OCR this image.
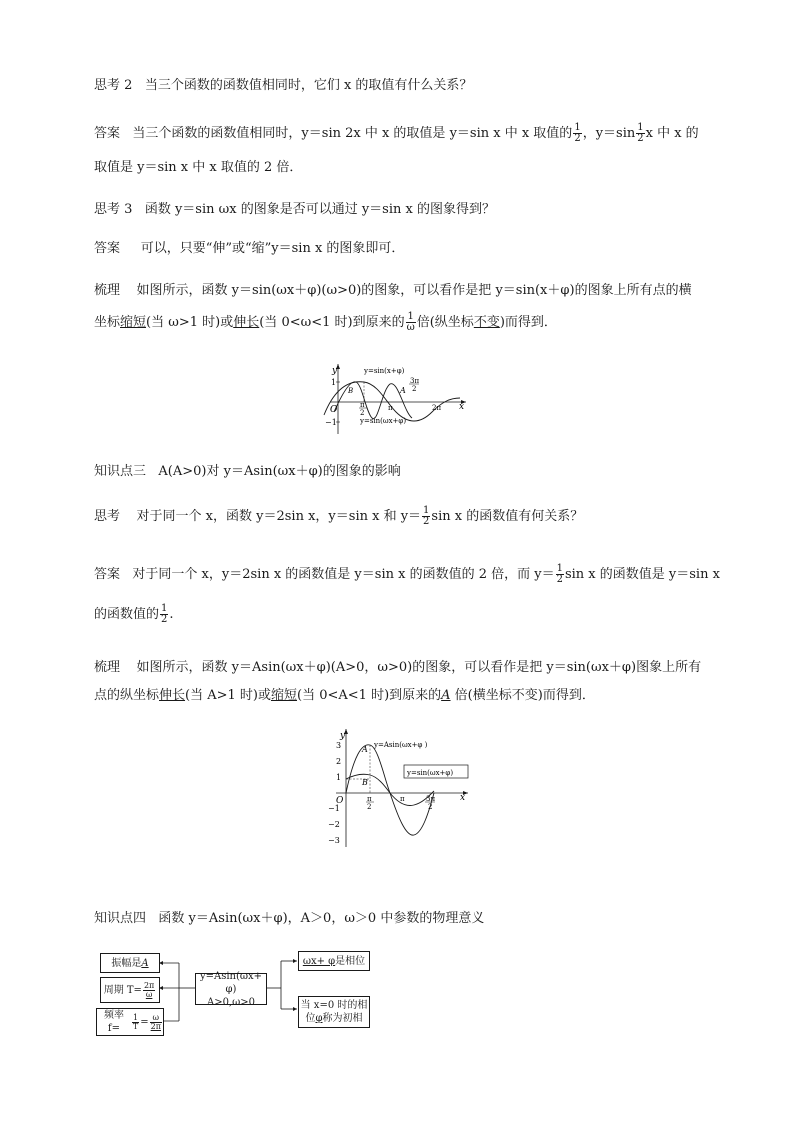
思考 2 当三个函数的函数值相同时，它们 x 的取值有什么关系？
答案 当三个函数的函数值相同时，y＝sin 2x 中 x 的取值是 y＝sin x 中 x 取值的 $\frac{1}{2}$ ，$y=\sin \frac{1}{2}$ x 中 x 的
取值是 y＝sin x 中 x 取值的 2 倍．
思考 3 函数 y＝sin ωx 的图象是否可以通过 y＝sin x 的图象得到？
答案 可以，只要“伸”或“缩”y＝sin x 的图象即可．
梳理 如图所示，函数 y＝sin(ωx＋φ)(ω>0)的图象，可以看作是把 y＝sin(x＋φ)的图象上所有点的横
坐标缩短(当 ω>1 时)或伸长(当 0<ω<1 时)到原来的 $\frac{1}{\omega}$ 倍(纵坐标不变)而得到．
y
x
O
1
−1
y=sin(x+φ)
y=sin(ωx+φ)
A
B
π
2
π
3π
2
2π
知识点三 A(A>0)对 y＝Asin(ωx＋φ)的图象的影响
思考 对于同一个 x，函数 y＝2sin x，y＝sin x 和 $y= \frac{1}{2}$ sin x 的函数值有何关系？
答案 对于同一个 x，y＝2sin x 的函数值是 y＝sin x 的函数值的 2 倍，而 $y= \frac{1}{2}$ sin x 的函数值是 y＝sin x
的函数值的 $\frac{1}{2}$ .
梳理 如图所示，函数 y＝Asin(ωx＋φ)(A>0，ω>0)的图象，可以看作是把 y＝sin(ωx＋φ)图象上所有
点的纵坐标伸长(当 A>1 时)或缩短(当 0<A<1 时)到原来的A 倍(横坐标不变)而得到．
y
x
O
3
2
1
−1
−2
−3
y=Asin(ωx+φ )
A
B
y=sin(ωx+φ)
π
2
π	3π
2
知识点四 函数 y＝Asin(ωx＋φ)，A＞0，ω＞0 中参数的物理意义
振幅是 A
周期 $T= \frac{2\pi}{\omega}$
频率 f=	$\frac{1}{T} = \frac{\omega}{2\pi}$
y=Asin(ωx+ φ)
A>0,ω>0
ωx+ φ 是相位
当 x=0 时的相
位φ称为初相
